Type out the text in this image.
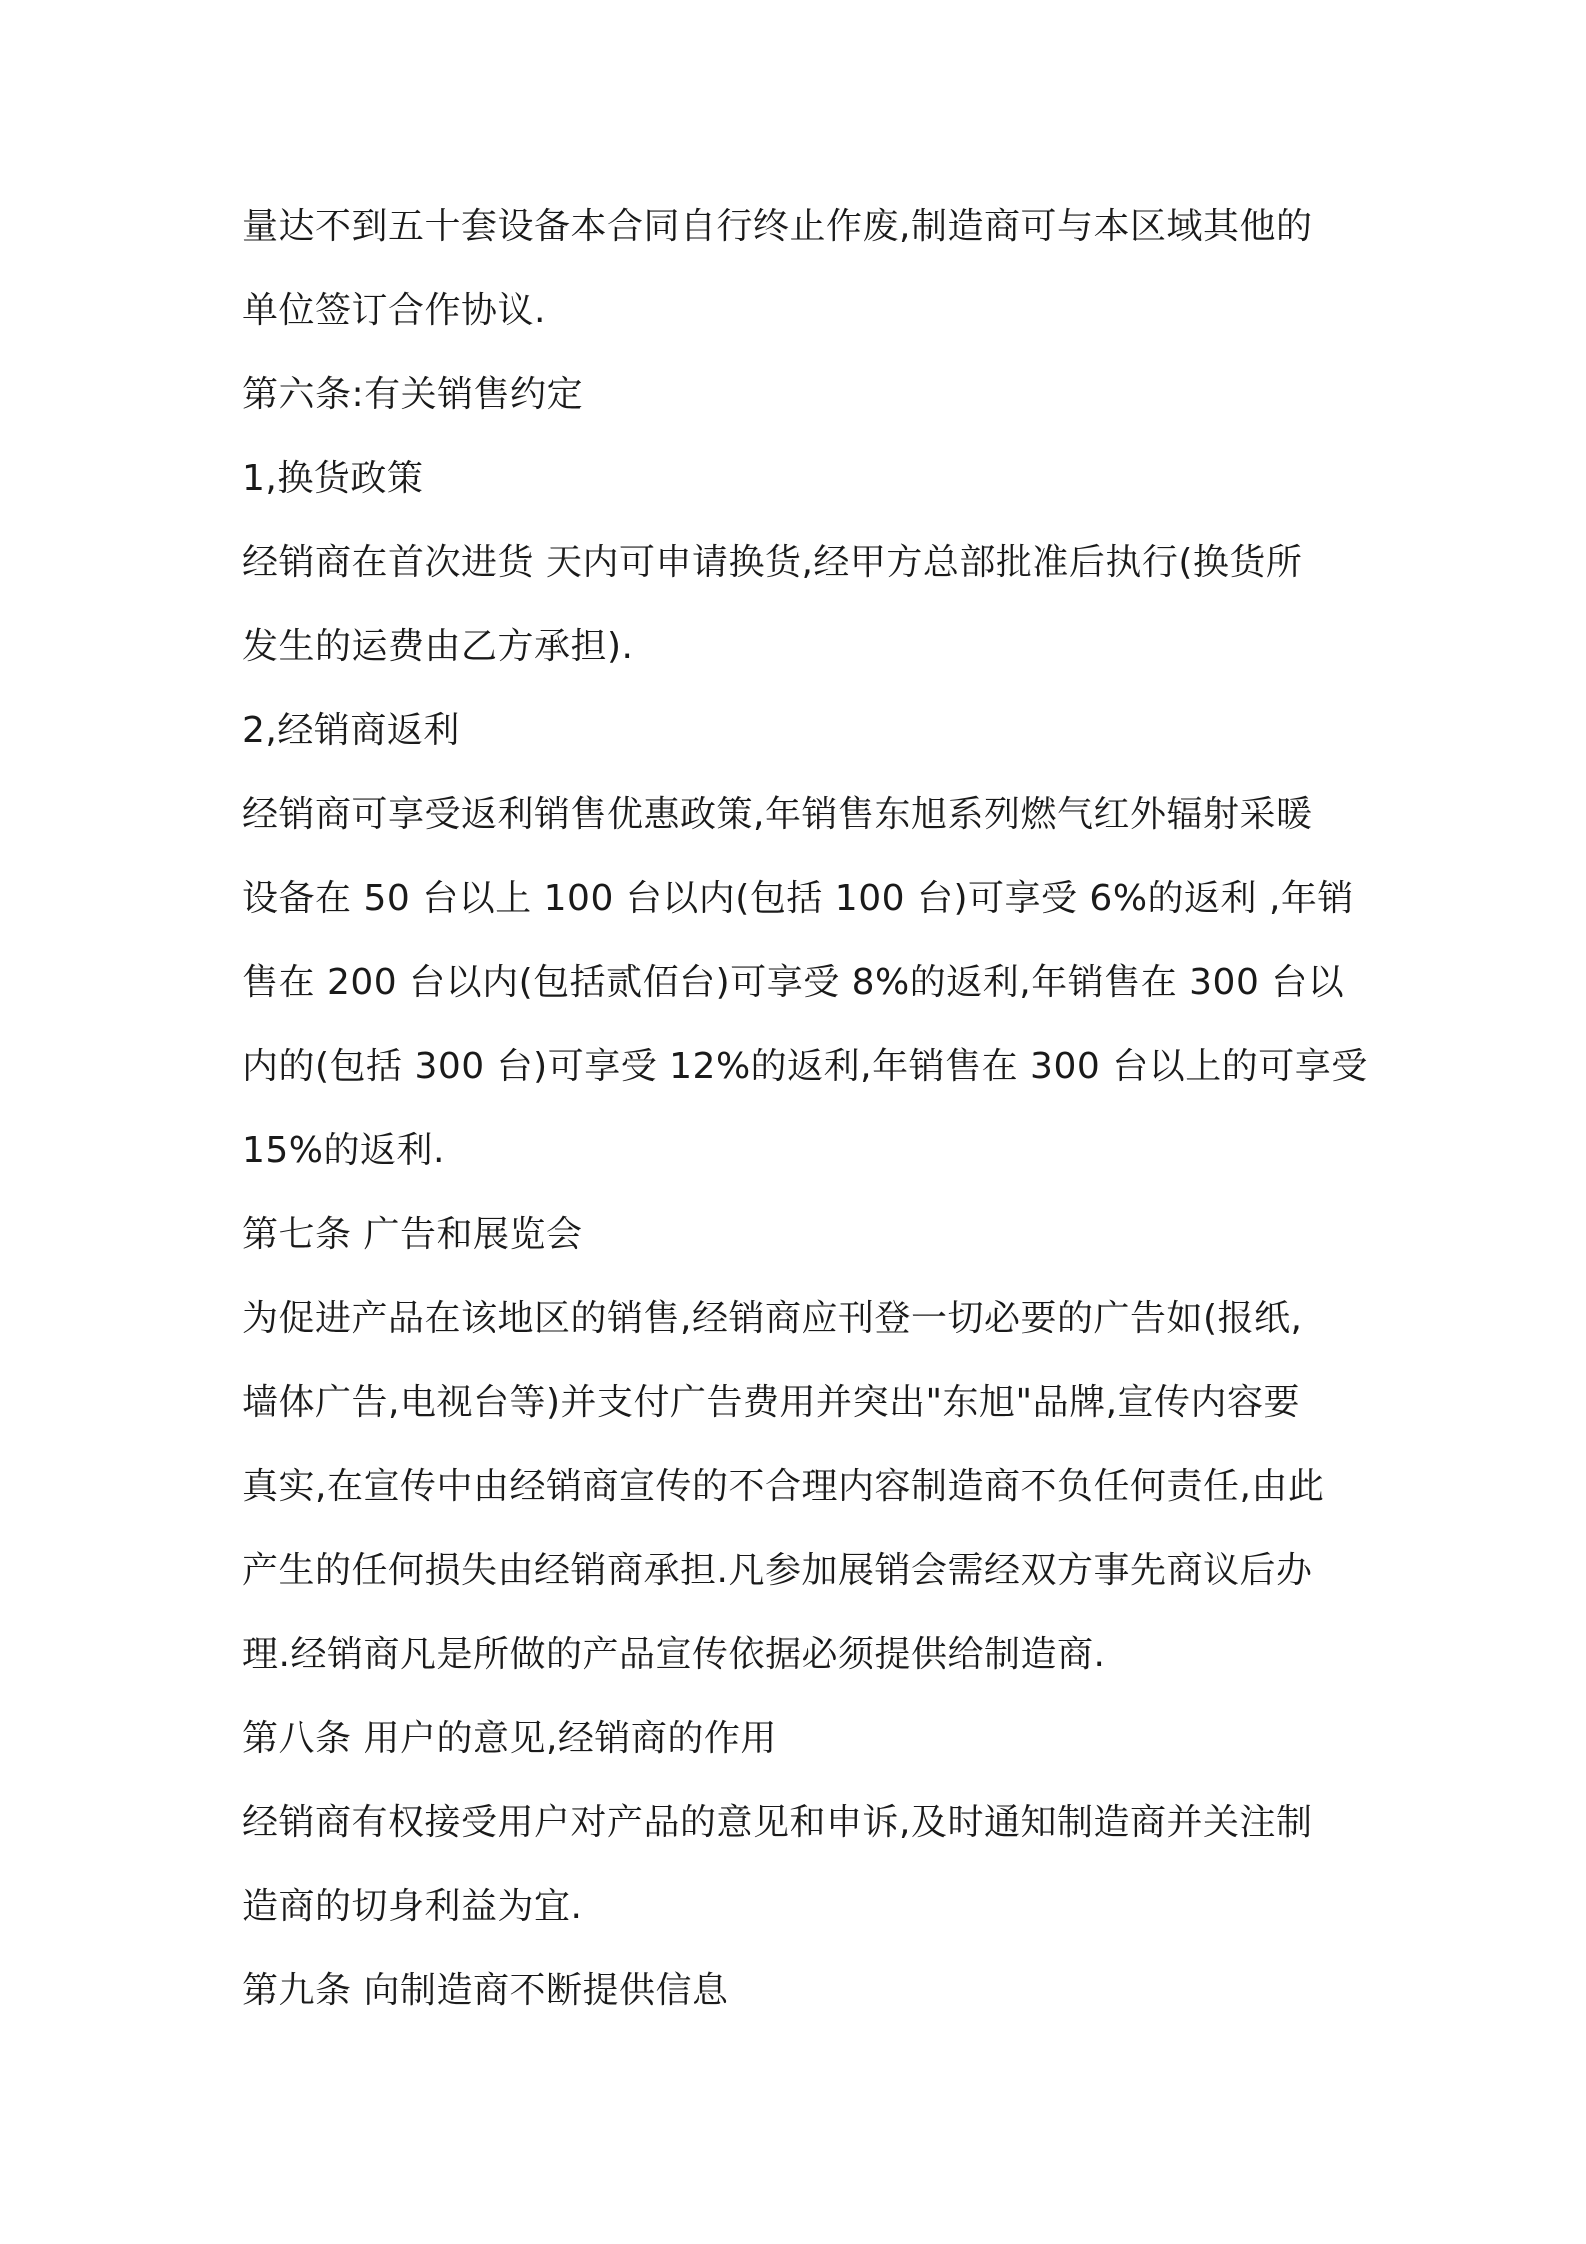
量达不到五十套设备本合同自行终止作废,制造商可与本区域其他的
单位签订合作协议.
第六条:有关销售约定
1,换货政策
经销商在首次进货 天内可申请换货,经甲方总部批准后执行(换货所
发生的运费由乙方承担).
2,经销商返利
经销商可享受返利销售优惠政策,年销售东旭系列燃气红外辐射采暖
设备在 50 台以上 100 台以内(包括 100 台)可享受 6%的返利 ,年销
售在 200 台以内(包括贰佰台)可享受 8%的返利,年销售在 300 台以
内的(包括 300 台)可享受 12%的返利,年销售在 300 台以上的可享受
15%的返利.
第七条 广告和展览会
为促进产品在该地区的销售,经销商应刊登一切必要的广告如(报纸,
墙体广告,电视台等)并支付广告费用并突出"东旭"品牌,宣传内容要
真实,在宣传中由经销商宣传的不合理内容制造商不负任何责任,由此
产生的任何损失由经销商承担.凡参加展销会需经双方事先商议后办
理.经销商凡是所做的产品宣传依据必须提供给制造商.
第八条 用户的意见,经销商的作用
经销商有权接受用户对产品的意见和申诉,及时通知制造商并关注制
造商的切身利益为宜.
第九条 向制造商不断提供信息
